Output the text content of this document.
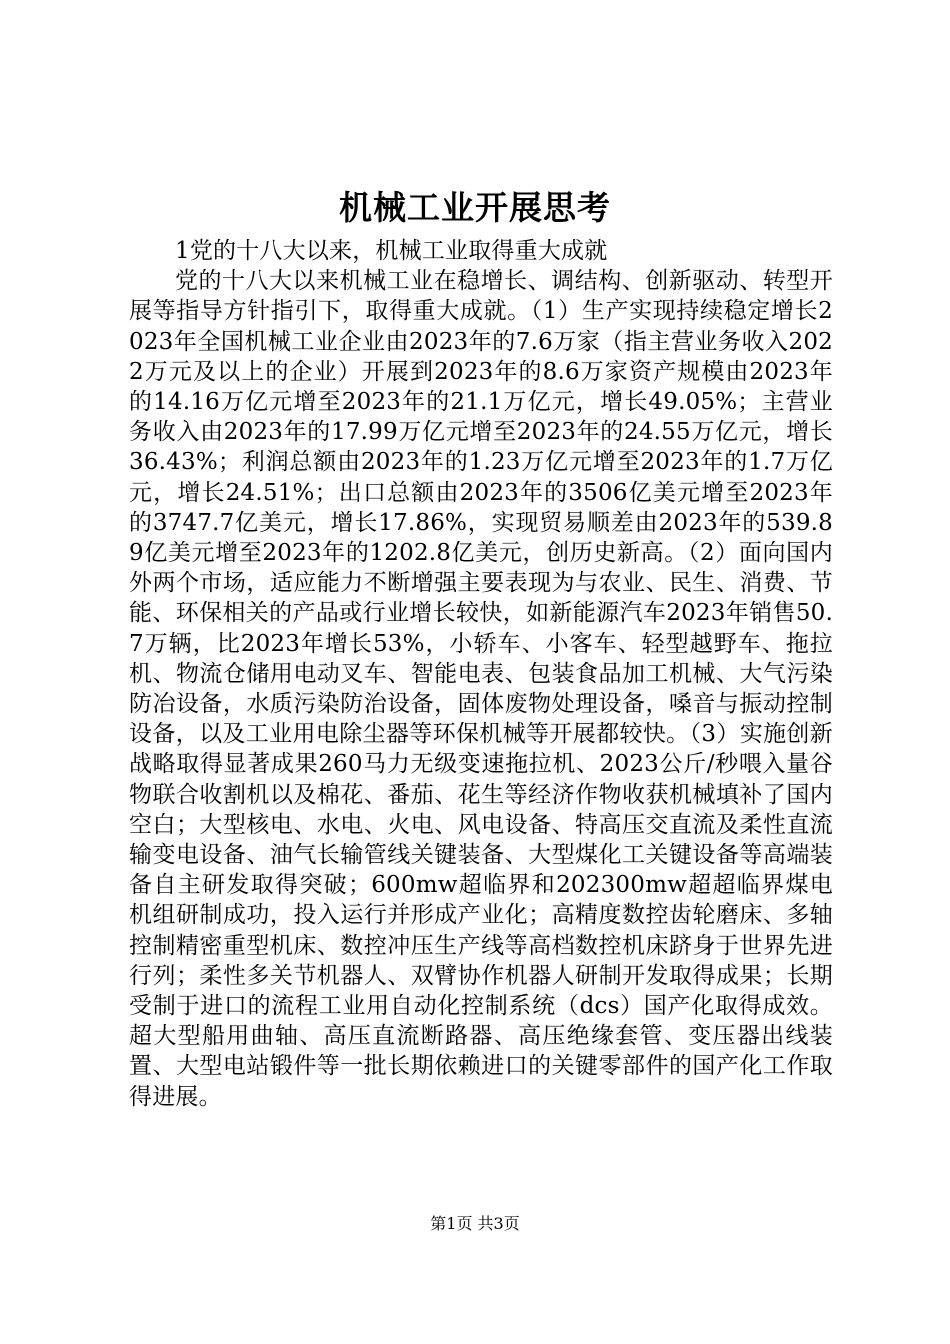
机械工业开展思考

1党的十八大以来，机械工业取得重大成就

党的十八大以来机械工业在稳增长、调结构、创新驱动、转型开展等指导方针指引下，取得重大成就。（1）生产实现持续稳定增长2023年全国机械工业企业由2023年的7.6万家（指主营业务收入2022万元及以上的企业）开展到2023年的8.6万家资产规模由2023年的14.16万亿元增至2023年的21.1万亿元，增长49.05%；主营业务收入由2023年的17.99万亿元增至2023年的24.55万亿元，增长36.43%；利润总额由2023年的1.23万亿元增至2023年的1.7万亿元，增长24.51%；出口总额由2023年的3506亿美元增至2023年的3747.7亿美元，增长17.86%，实现贸易顺差由2023年的539.89亿美元增至2023年的1202.8亿美元，创历史新高。（2）面向国内外两个市场，适应能力不断增强主要表现为与农业、民生、消费、节能、环保相关的产品或行业增长较快，如新能源汽车2023年销售50.7万辆，比2023年增长53%，小轿车、小客车、轻型越野车、拖拉机、物流仓储用电动叉车、智能电表、包装食品加工机械、大气污染防冶设备，水质污染防治设备，固体废物处理设备，嗓音与振动控制设备，以及工业用电除尘器等环保机械等开展都较快。（3）实施创新战略取得显著成果260马力无级变速拖拉机、2023公斤/秒喂入量谷物联合收割机以及棉花、番茄、花生等经济作物收获机械填补了国内空白；大型核电、水电、火电、风电设备、特高压交直流及柔性直流输变电设备、油气长输管线关键装备、大型煤化工关键设备等高端装备自主研发取得突破；600mw超临界和202300mw超超临界煤电机组研制成功，投入运行并形成产业化；高精度数控齿轮磨床、多轴控制精密重型机床、数控冲压生产线等高档数控机床跻身于世界先进行列；柔性多关节机器人、双臂协作机器人研制开发取得成果；长期受制于进口的流程工业用自动化控制系统（dcs）国产化取得成效。超大型船用曲轴、高压直流断路器、高压绝缘套管、变压器出线装置、大型电站锻件等一批长期依赖进口的关键零部件的国产化工作取得进展。

第1页 共3页
